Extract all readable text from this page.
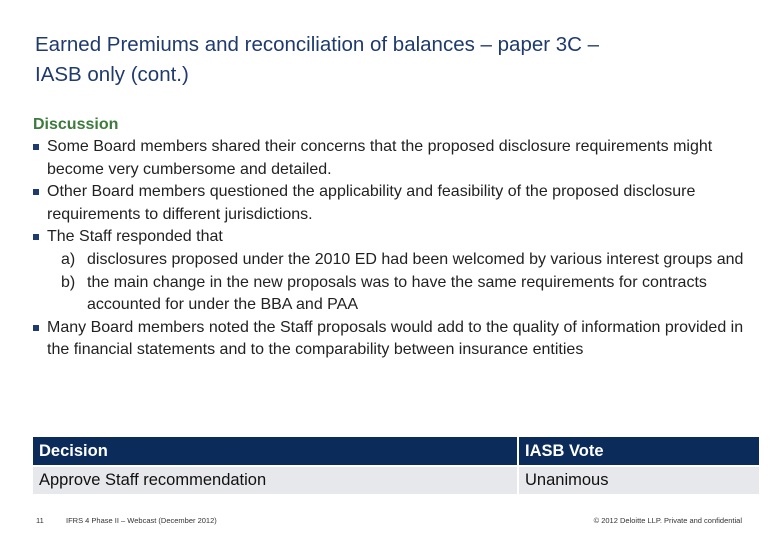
Earned Premiums and reconciliation of balances – paper 3C –
IASB only (cont.)
Discussion
Some Board members shared their concerns that the proposed disclosure requirements might become very cumbersome and detailed.
Other Board members questioned the applicability and feasibility of the proposed disclosure requirements to different jurisdictions.
The Staff responded that
a) disclosures proposed under the 2010 ED had been welcomed by various interest groups and
b) the main change in the new proposals was to have the same requirements for contracts accounted for under the BBA and PAA
Many Board members noted the Staff proposals would add to the quality of information provided in the financial statements and to the comparability between insurance entities
Decision	IASB Vote
Approve Staff recommendation	Unanimous
11	IFRS 4 Phase II – Webcast (December 2012)	© 2012 Deloitte LLP. Private and confidential
